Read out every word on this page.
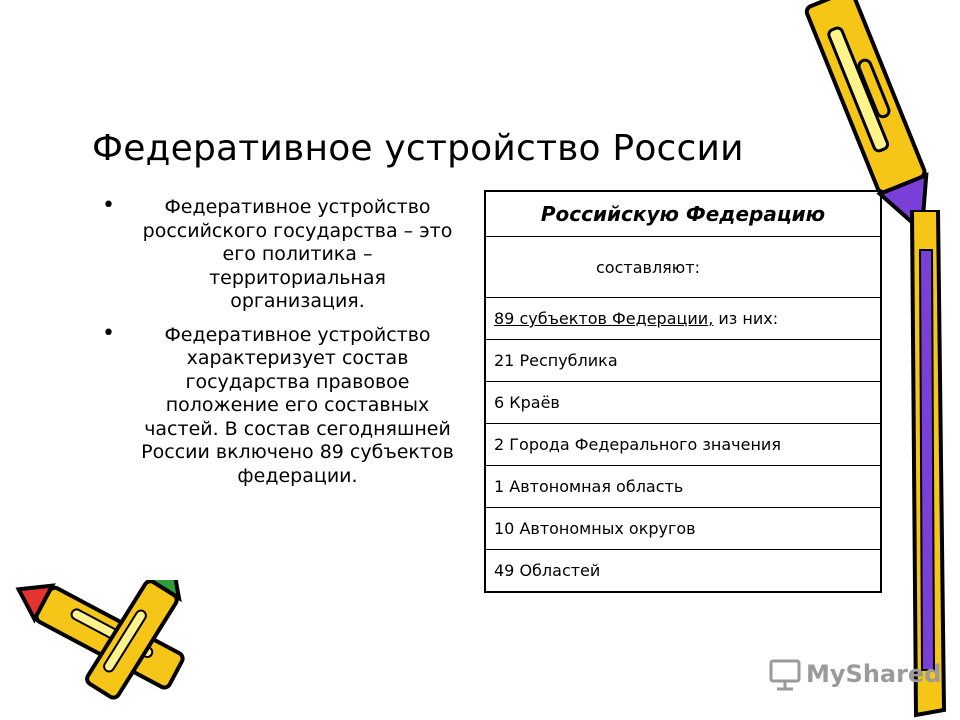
Федеративное устройство России
•	Федеративное устройство российского государства – это его политика – территориальная организация.
•	Федеративное устройство характеризует состав государства правовое положение его составных частей. В состав сегодняшней России включено 89 субъектов федерации.
Российскую Федерацию
составляют:
89 субъектов Федерации, из них:
21 Республика
6 Краёв
2 Города Федерального значения
1 Автономная область
10 Автономных округов
49 Областей
MyShared
